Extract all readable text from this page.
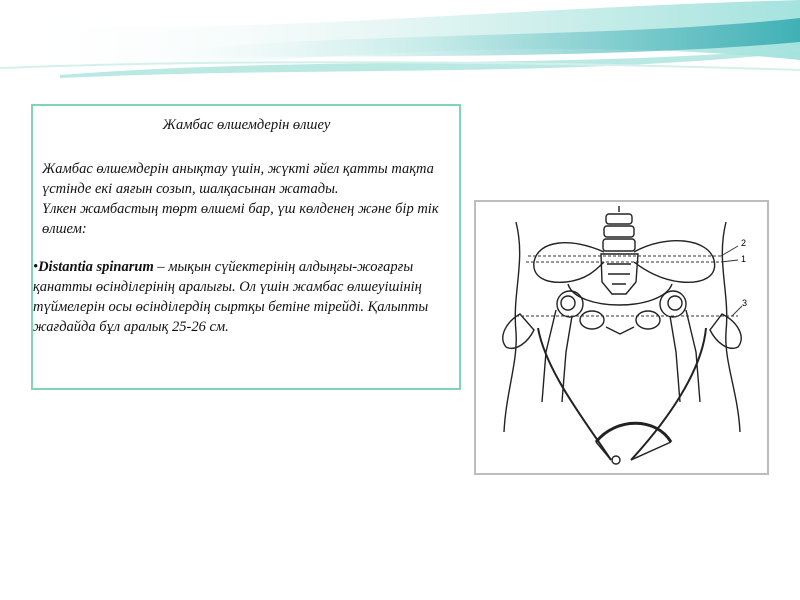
Жамбас өлшемдерін өлшеу

Жамбас өлшемдерін анықтау үшін, жүкті әйел қатты тақта үстінде екі аяғын созып, шалқасынан жатады.

Үлкен жамбастың төрт өлшемі бар, үш көлденең және бір тік өлшем:

•Distantia spinarum – мықын сүйектерінің алдыңғы-жоғарғы қанатты өсінділерінің аралығы. Ол үшін жамбас өлшеуішінің түймелерін осы өсінділердің сыртқы бетіне тірейді. Қалыпты жағдайда бұл аралық 25-26 см.

2
1
3
